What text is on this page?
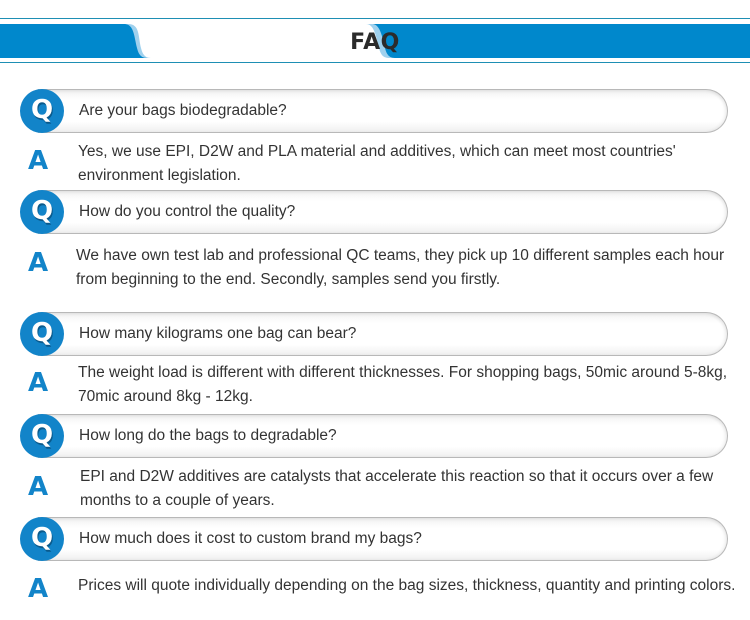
FAQ
Q Are your bags biodegradable?
A Yes, we use EPI, D2W and PLA material and additives, which can meet most countries' environment legislation.
Q How do you control the quality?
A We have own test lab and professional QC teams, they pick up 10 different samples each hour from beginning to the end. Secondly, samples send you firstly.
Q How many kilograms one bag can bear?
A The weight load is different with different thicknesses. For shopping bags, 50mic around 5-8kg, 70mic around 8kg - 12kg.
Q How long do the bags to degradable?
A EPI and D2W additives are catalysts that accelerate this reaction so that it occurs over a few months to a couple of years.
Q How much does it cost to custom brand my bags?
A Prices will quote individually depending on the bag sizes, thickness, quantity and printing colors.
